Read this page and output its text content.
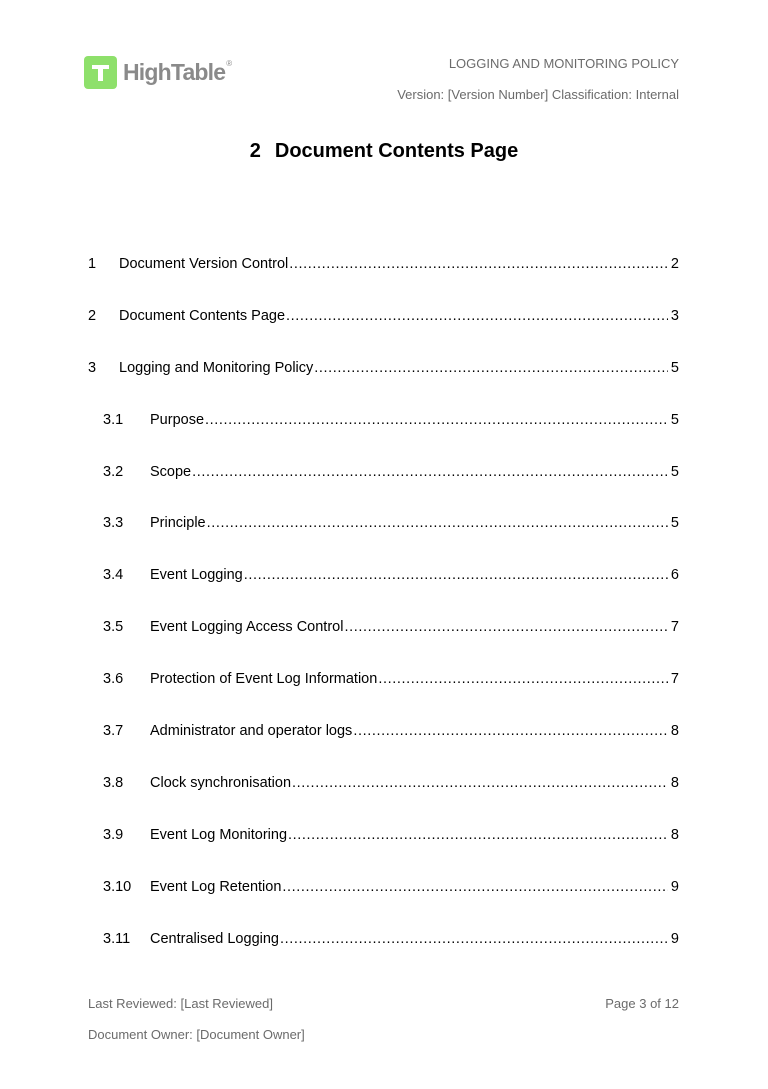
HighTable®	LOGGING AND MONITORING POLICY
Version: [Version Number] Classification: Internal
2 Document Contents Page
1	Document Version Control .....	2
2	Document Contents Page .....	3
3	Logging and Monitoring Policy .....	5
3.1	Purpose .....	5
3.2	Scope .....	5
3.3	Principle .....	5
3.4	Event Logging .....	6
3.5	Event Logging Access Control .....	7
3.6	Protection of Event Log Information .....	7
3.7	Administrator and operator logs .....	8
3.8	Clock synchronisation .....	8
3.9	Event Log Monitoring .....	8
3.10	Event Log Retention .....	9
3.11	Centralised Logging .....	9
Last Reviewed: [Last Reviewed]	Page 3 of 12
Document Owner: [Document Owner]
